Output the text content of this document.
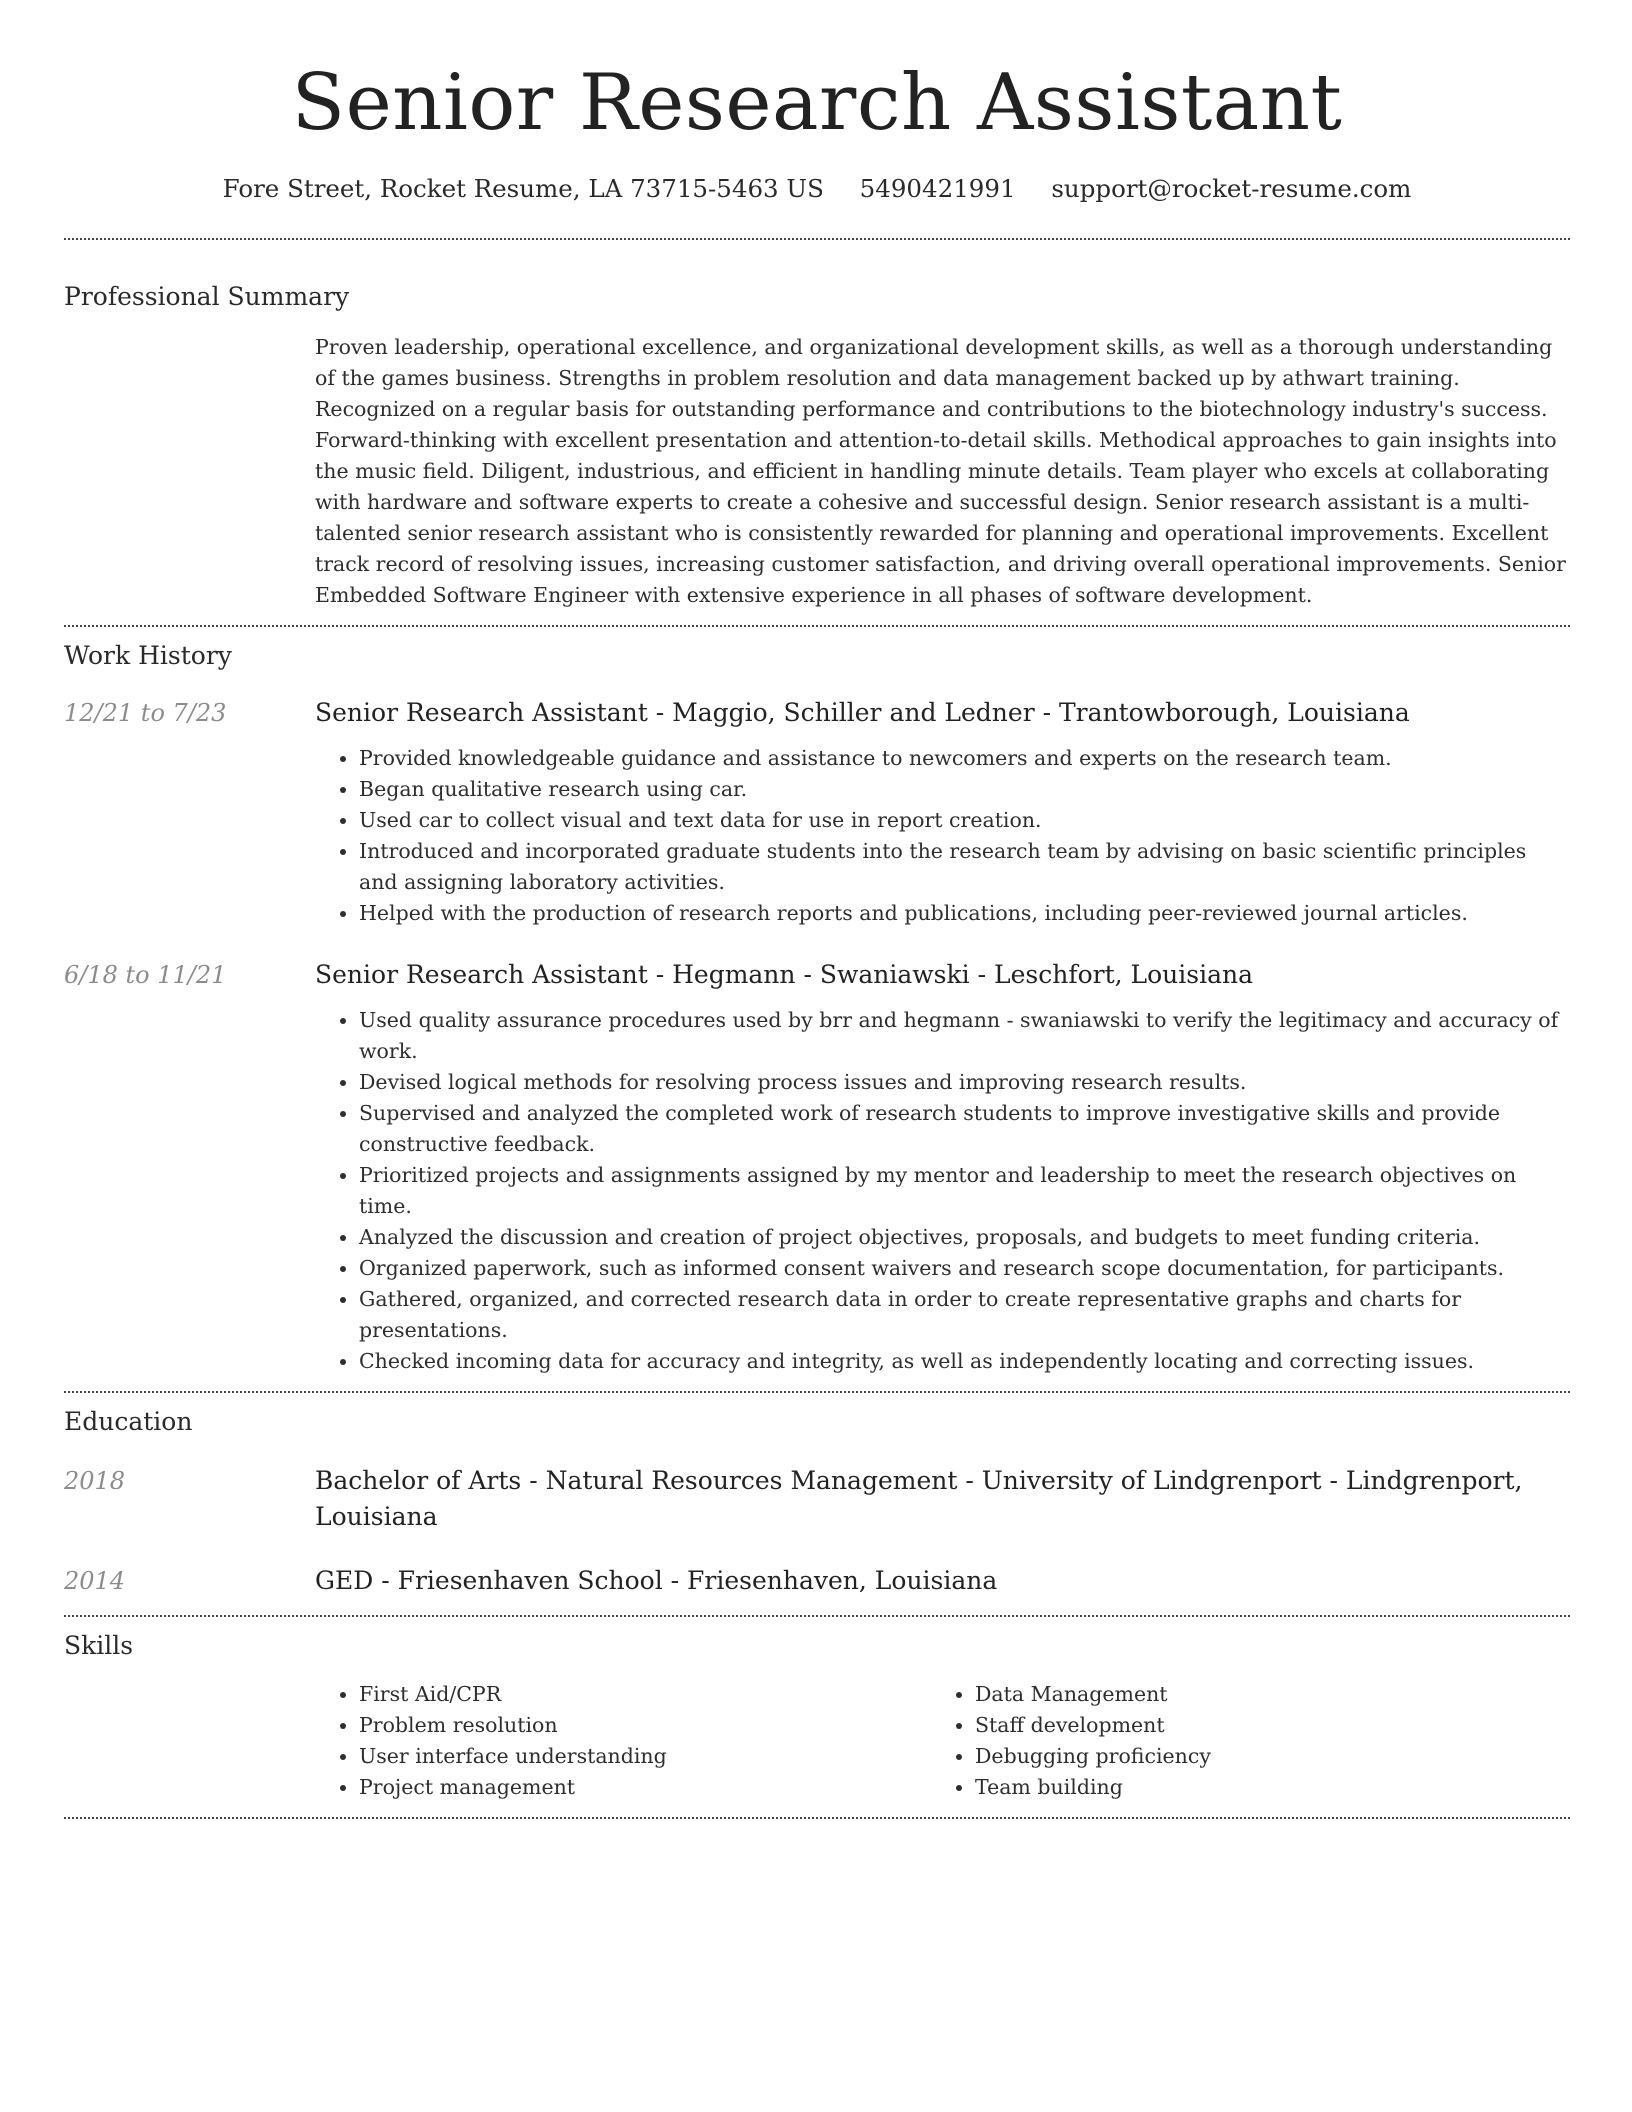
Senior Research Assistant
Fore Street, Rocket Resume, LA 73715-5463 US 5490421991 support@rocket-resume.com
Professional Summary

Proven leadership, operational excellence, and organizational development skills, as well as a thorough understanding of the games business. Strengths in problem resolution and data management backed up by athwart training. Recognized on a regular basis for outstanding performance and contributions to the biotechnology industry's success. Forward-thinking with excellent presentation and attention-to-detail skills. Methodical approaches to gain insights into the music field. Diligent, industrious, and efficient in handling minute details. Team player who excels at collaborating with hardware and software experts to create a cohesive and successful design. Senior research assistant is a multi-talented senior research assistant who is consistently rewarded for planning and operational improvements. Excellent track record of resolving issues, increasing customer satisfaction, and driving overall operational improvements. Senior Embedded Software Engineer with extensive experience in all phases of software development.

Work History
12/21 to 7/23	Senior Research Assistant - Maggio, Schiller and Ledner - Trantowborough, Louisiana
• Provided knowledgeable guidance and assistance to newcomers and experts on the research team.
• Began qualitative research using car.
• Used car to collect visual and text data for use in report creation.
• Introduced and incorporated graduate students into the research team by advising on basic scientific principles and assigning laboratory activities.
• Helped with the production of research reports and publications, including peer-reviewed journal articles.
6/18 to 11/21	Senior Research Assistant - Hegmann - Swaniawski - Leschfort, Louisiana
• Used quality assurance procedures used by brr and hegmann - swaniawski to verify the legitimacy and accuracy of work.
• Devised logical methods for resolving process issues and improving research results.
• Supervised and analyzed the completed work of research students to improve investigative skills and provide constructive feedback.
• Prioritized projects and assignments assigned by my mentor and leadership to meet the research objectives on time.
• Analyzed the discussion and creation of project objectives, proposals, and budgets to meet funding criteria.
• Organized paperwork, such as informed consent waivers and research scope documentation, for participants.
• Gathered, organized, and corrected research data in order to create representative graphs and charts for presentations.
• Checked incoming data for accuracy and integrity, as well as independently locating and correcting issues.
Education
2018	Bachelor of Arts - Natural Resources Management - University of Lindgrenport - Lindgrenport, Louisiana
2014	GED - Friesenhaven School - Friesenhaven, Louisiana
Skills
• First Aid/CPR
• Problem resolution
• User interface understanding
• Project management
• Data Management
• Staff development
• Debugging proficiency
• Team building
